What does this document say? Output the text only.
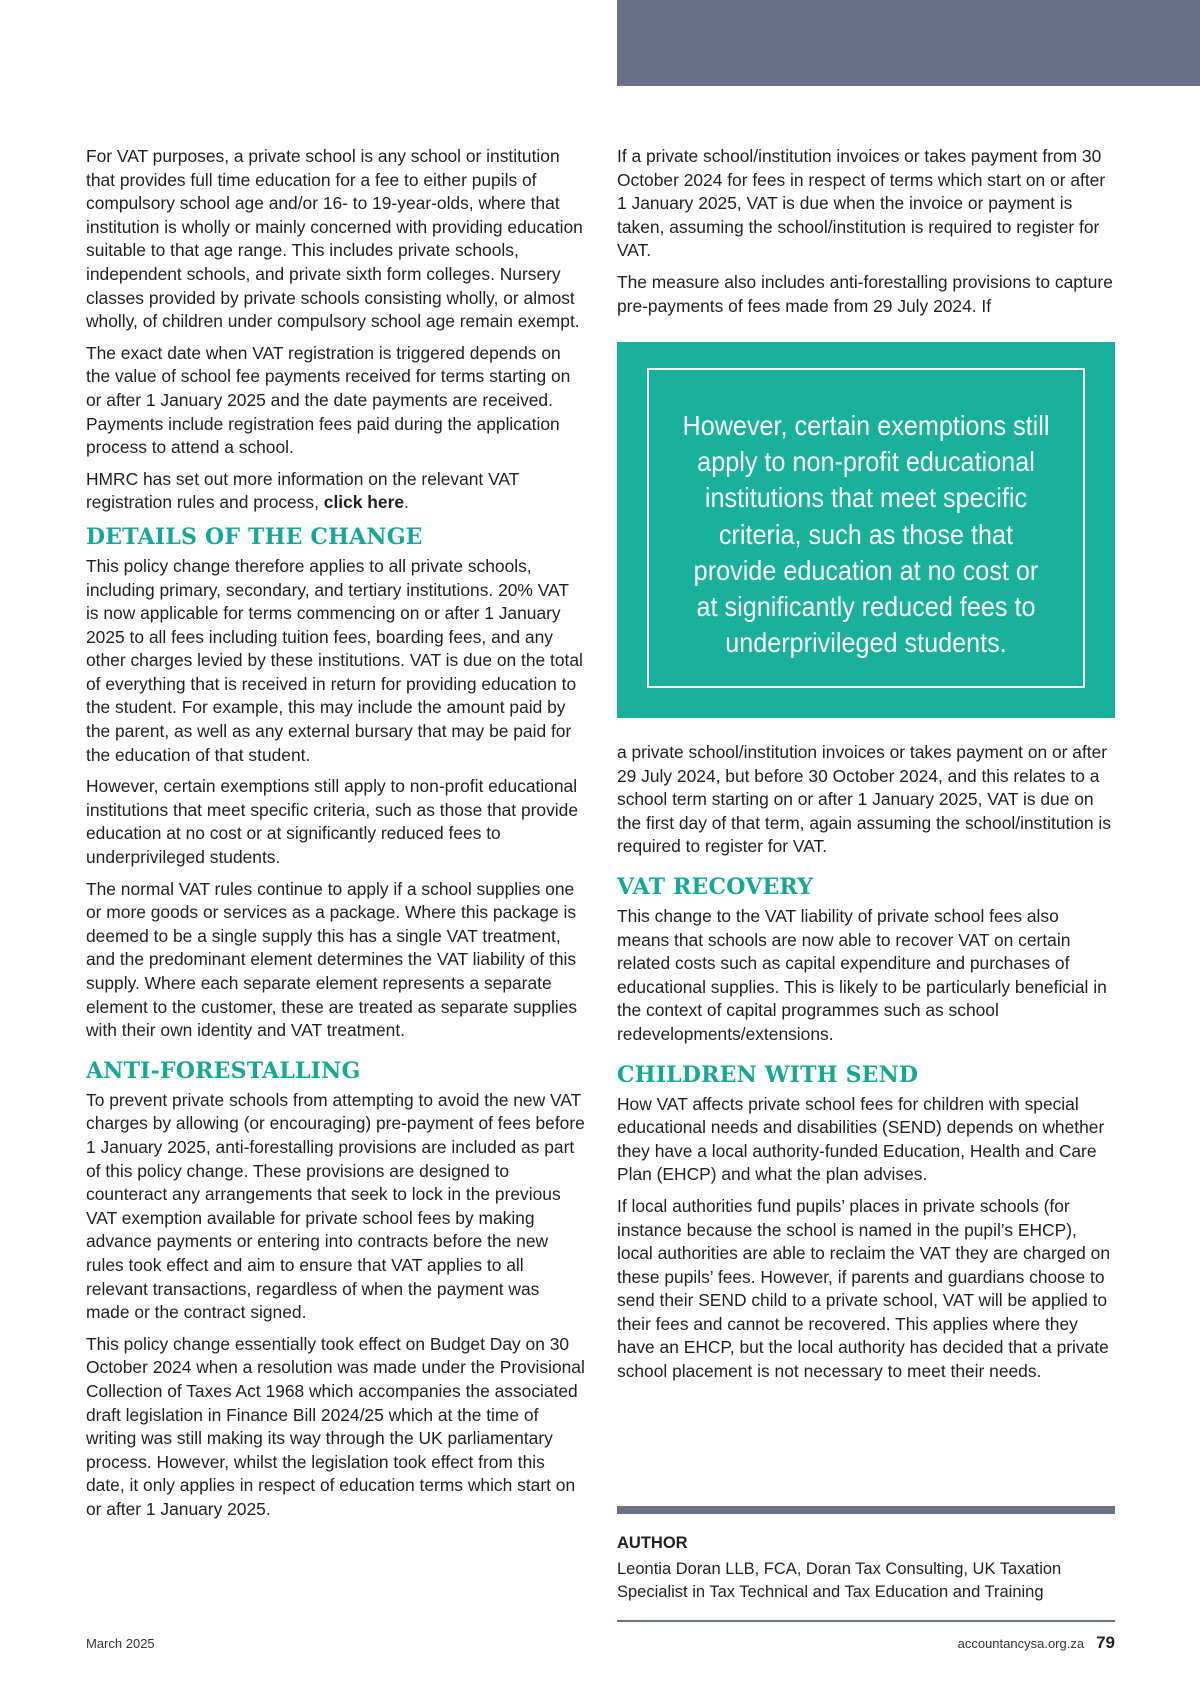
For VAT purposes, a private school is any school or institution that provides full time education for a fee to either pupils of compulsory school age and/or 16- to 19-year-olds, where that institution is wholly or mainly concerned with providing education suitable to that age range. This includes private schools, independent schools, and private sixth form colleges. Nursery classes provided by private schools consisting wholly, or almost wholly, of children under compulsory school age remain exempt.

The exact date when VAT registration is triggered depends on the value of school fee payments received for terms starting on or after 1 January 2025 and the date payments are received. Payments include registration fees paid during the application process to attend a school.

HMRC has set out more information on the relevant VAT registration rules and process, click here.

DETAILS OF THE CHANGE

This policy change therefore applies to all private schools, including primary, secondary, and tertiary institutions. 20% VAT is now applicable for terms commencing on or after 1 January 2025 to all fees including tuition fees, boarding fees, and any other charges levied by these institutions. VAT is due on the total of everything that is received in return for providing education to the student. For example, this may include the amount paid by the parent, as well as any external bursary that may be paid for the education of that student.

However, certain exemptions still apply to non-profit educational institutions that meet specific criteria, such as those that provide education at no cost or at significantly reduced fees to underprivileged students.

The normal VAT rules continue to apply if a school supplies one or more goods or services as a package. Where this package is deemed to be a single supply this has a single VAT treatment, and the predominant element determines the VAT liability of this supply. Where each separate element represents a separate element to the customer, these are treated as separate supplies with their own identity and VAT treatment.

ANTI-FORESTALLING

To prevent private schools from attempting to avoid the new VAT charges by allowing (or encouraging) pre-payment of fees before 1 January 2025, anti-forestalling provisions are included as part of this policy change. These provisions are designed to counteract any arrangements that seek to lock in the previous VAT exemption available for private school fees by making advance payments or entering into contracts before the new rules took effect and aim to ensure that VAT applies to all relevant transactions, regardless of when the payment was made or the contract signed.

This policy change essentially took effect on Budget Day on 30 October 2024 when a resolution was made under the Provisional Collection of Taxes Act 1968 which accompanies the associated draft legislation in Finance Bill 2024/25 which at the time of writing was still making its way through the UK parliamentary process. However, whilst the legislation took effect from this date, it only applies in respect of education terms which start on or after 1 January 2025.

If a private school/institution invoices or takes payment from 30 October 2024 for fees in respect of terms which start on or after 1 January 2025, VAT is due when the invoice or payment is taken, assuming the school/institution is required to register for VAT.

The measure also includes anti-forestalling provisions to capture pre-payments of fees made from 29 July 2024. If

However, certain exemptions still apply to non-profit educational institutions that meet specific criteria, such as those that provide education at no cost or at significantly reduced fees to underprivileged students.

a private school/institution invoices or takes payment on or after 29 July 2024, but before 30 October 2024, and this relates to a school term starting on or after 1 January 2025, VAT is due on the first day of that term, again assuming the school/institution is required to register for VAT.

VAT RECOVERY

This change to the VAT liability of private school fees also means that schools are now able to recover VAT on certain related costs such as capital expenditure and purchases of educational supplies. This is likely to be particularly beneficial in the context of capital programmes such as school redevelopments/extensions.

CHILDREN WITH SEND

How VAT affects private school fees for children with special educational needs and disabilities (SEND) depends on whether they have a local authority-funded Education, Health and Care Plan (EHCP) and what the plan advises.

If local authorities fund pupils’ places in private schools (for instance because the school is named in the pupil’s EHCP), local authorities are able to reclaim the VAT they are charged on these pupils’ fees. However, if parents and guardians choose to send their SEND child to a private school, VAT will be applied to their fees and cannot be recovered. This applies where they have an EHCP, but the local authority has decided that a private school placement is not necessary to meet their needs.

AUTHOR
Leontia Doran LLB, FCA, Doran Tax Consulting, UK Taxation Specialist in Tax Technical and Tax Education and Training
March 2025	accountancysa.org.za 79
